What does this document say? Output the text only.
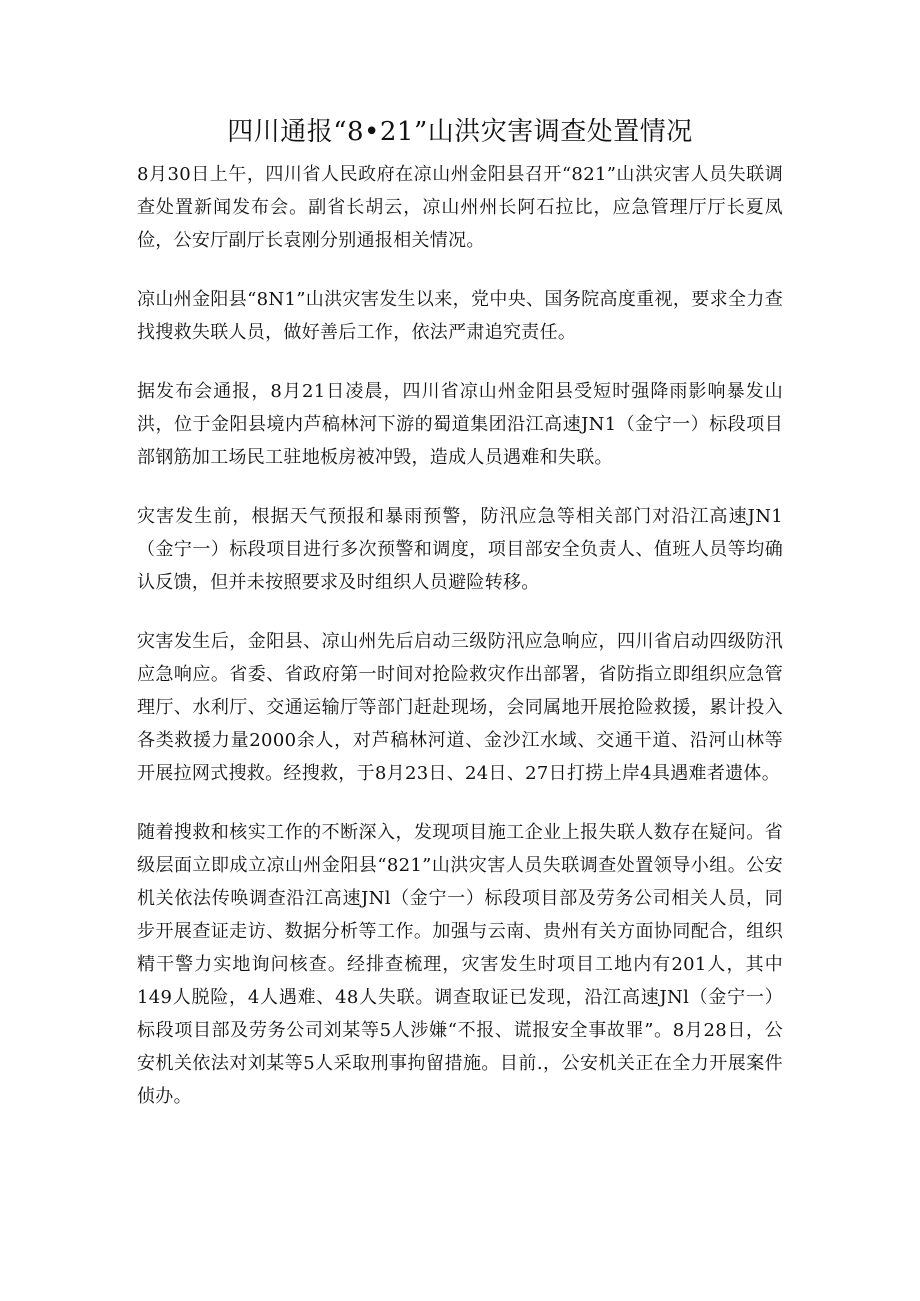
四川通报“8•21”山洪灾害调查处置情况

8月30日上午，四川省人民政府在凉山州金阳县召开“821”山洪灾害人员失联调查处置新闻发布会。副省长胡云，凉山州州长阿石拉比，应急管理厅厅长夏凤俭，公安厅副厅长袁刚分别通报相关情况。

凉山州金阳县“8N1”山洪灾害发生以来，党中央、国务院高度重视，要求全力查找搜救失联人员，做好善后工作，依法严肃追究责任。

据发布会通报，8月21日凌晨，四川省凉山州金阳县受短时强降雨影响暴发山洪，位于金阳县境内芦稿林河下游的蜀道集团沿江高速JN1（金宁一）标段项目部钢筋加工场民工驻地板房被冲毁，造成人员遇难和失联。

灾害发生前，根据天气预报和暴雨预警，防汛应急等相关部门对沿江高速JN1（金宁一）标段项目进行多次预警和调度，项目部安全负责人、值班人员等均确认反馈，但并未按照要求及时组织人员避险转移。

灾害发生后，金阳县、凉山州先后启动三级防汛应急响应，四川省启动四级防汛应急响应。省委、省政府第一时间对抢险救灾作出部署，省防指立即组织应急管理厅、水利厅、交通运输厅等部门赶赴现场，会同属地开展抢险救援，累计投入各类救援力量2000余人，对芦稿林河道、金沙江水域、交通干道、沿河山林等开展拉网式搜救。经搜救，于8月23日、24日、27日打捞上岸4具遇难者遗体。

随着搜救和核实工作的不断深入，发现项目施工企业上报失联人数存在疑问。省级层面立即成立凉山州金阳县“821”山洪灾害人员失联调查处置领导小组。公安机关依法传唤调查沿江高速JNl（金宁一）标段项目部及劳务公司相关人员，同步开展查证走访、数据分析等工作。加强与云南、贵州有关方面协同配合，组织精干警力实地询问核查。经排查梳理，灾害发生时项目工地内有201人，其中149人脱险，4人遇难、48人失联。调查取证已发现，沿江高速JNl（金宁一）标段项目部及劳务公司刘某等5人涉嫌“不报、谎报安全事故罪”。8月28日，公安机关依法对刘某等5人采取刑事拘留措施。目前.，公安机关正在全力开展案件侦办。
